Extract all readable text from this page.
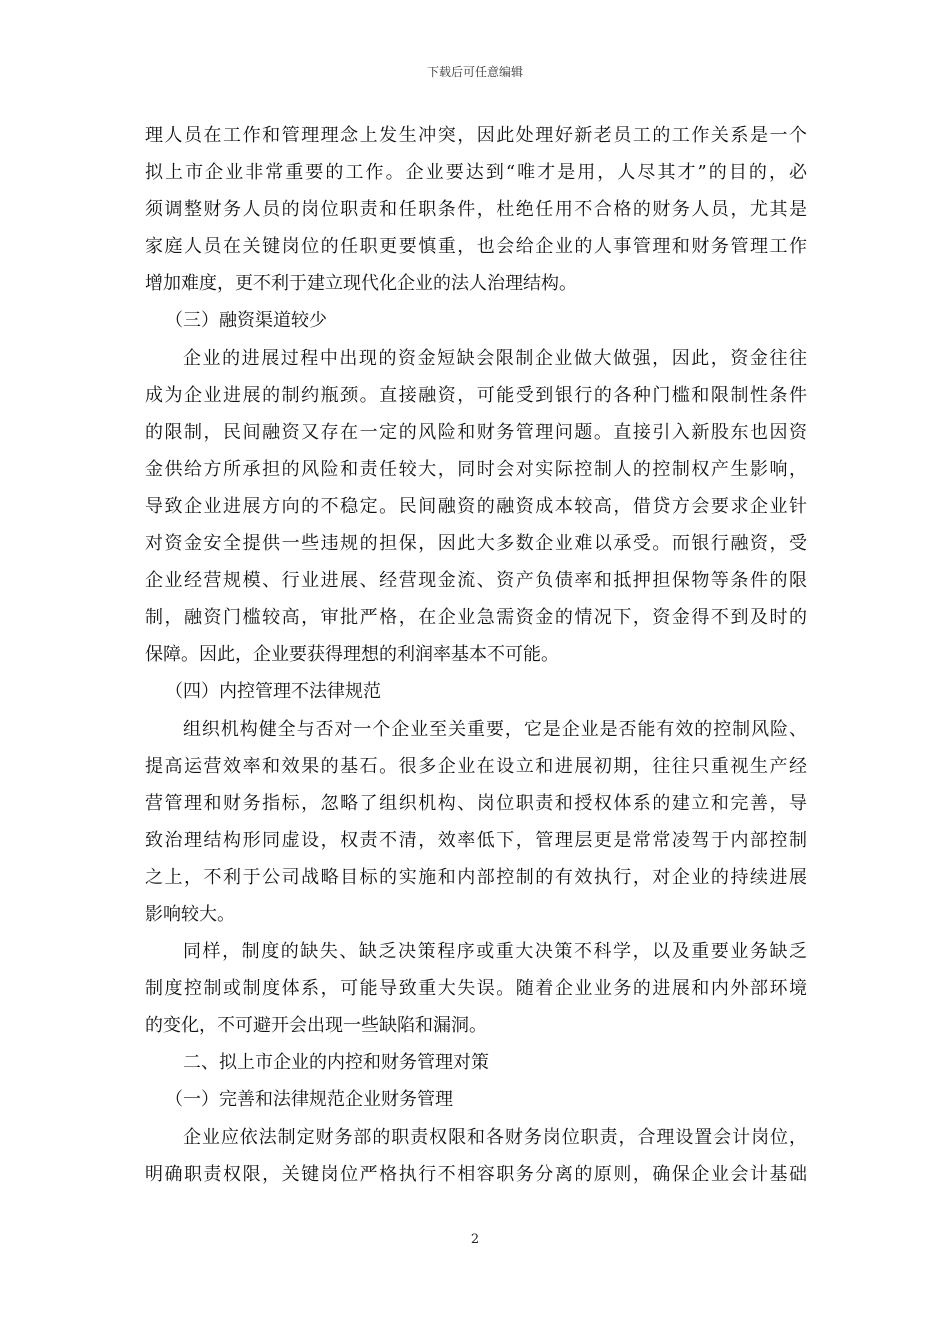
下载后可任意编辑
理人员在工作和管理理念上发生冲突，因此处理好新老员工的工作关系是一个
拟上市企业非常重要的工作。企业要达到“唯才是用，人尽其才”的目的，必
须调整财务人员的岗位职责和任职条件，杜绝任用不合格的财务人员，尤其是
家庭人员在关键岗位的任职更要慎重，也会给企业的人事管理和财务管理工作
增加难度，更不利于建立现代化企业的法人治理结构。
（三）融资渠道较少
企业的进展过程中出现的资金短缺会限制企业做大做强，因此，资金往往
成为企业进展的制约瓶颈。直接融资，可能受到银行的各种门槛和限制性条件
的限制，民间融资又存在一定的风险和财务管理问题。直接引入新股东也因资
金供给方所承担的风险和责任较大，同时会对实际控制人的控制权产生影响，
导致企业进展方向的不稳定。民间融资的融资成本较高，借贷方会要求企业针
对资金安全提供一些违规的担保，因此大多数企业难以承受。而银行融资，受
企业经营规模、行业进展、经营现金流、资产负债率和抵押担保物等条件的限
制，融资门槛较高，审批严格，在企业急需资金的情况下，资金得不到及时的
保障。因此，企业要获得理想的利润率基本不可能。
（四）内控管理不法律规范
组织机构健全与否对一个企业至关重要，它是企业是否能有效的控制风险、
提高运营效率和效果的基石。很多企业在设立和进展初期，往往只重视生产经
营管理和财务指标，忽略了组织机构、岗位职责和授权体系的建立和完善，导
致治理结构形同虚设，权责不清，效率低下，管理层更是常常凌驾于内部控制
之上，不利于公司战略目标的实施和内部控制的有效执行，对企业的持续进展
影响较大。
同样，制度的缺失、缺乏决策程序或重大决策不科学，以及重要业务缺乏
制度控制或制度体系，可能导致重大失误。随着企业业务的进展和内外部环境
的变化，不可避开会出现一些缺陷和漏洞。
二、拟上市企业的内控和财务管理对策
（一）完善和法律规范企业财务管理
企业应依法制定财务部的职责权限和各财务岗位职责，合理设置会计岗位，
明确职责权限，关键岗位严格执行不相容职务分离的原则，确保企业会计基础
2
